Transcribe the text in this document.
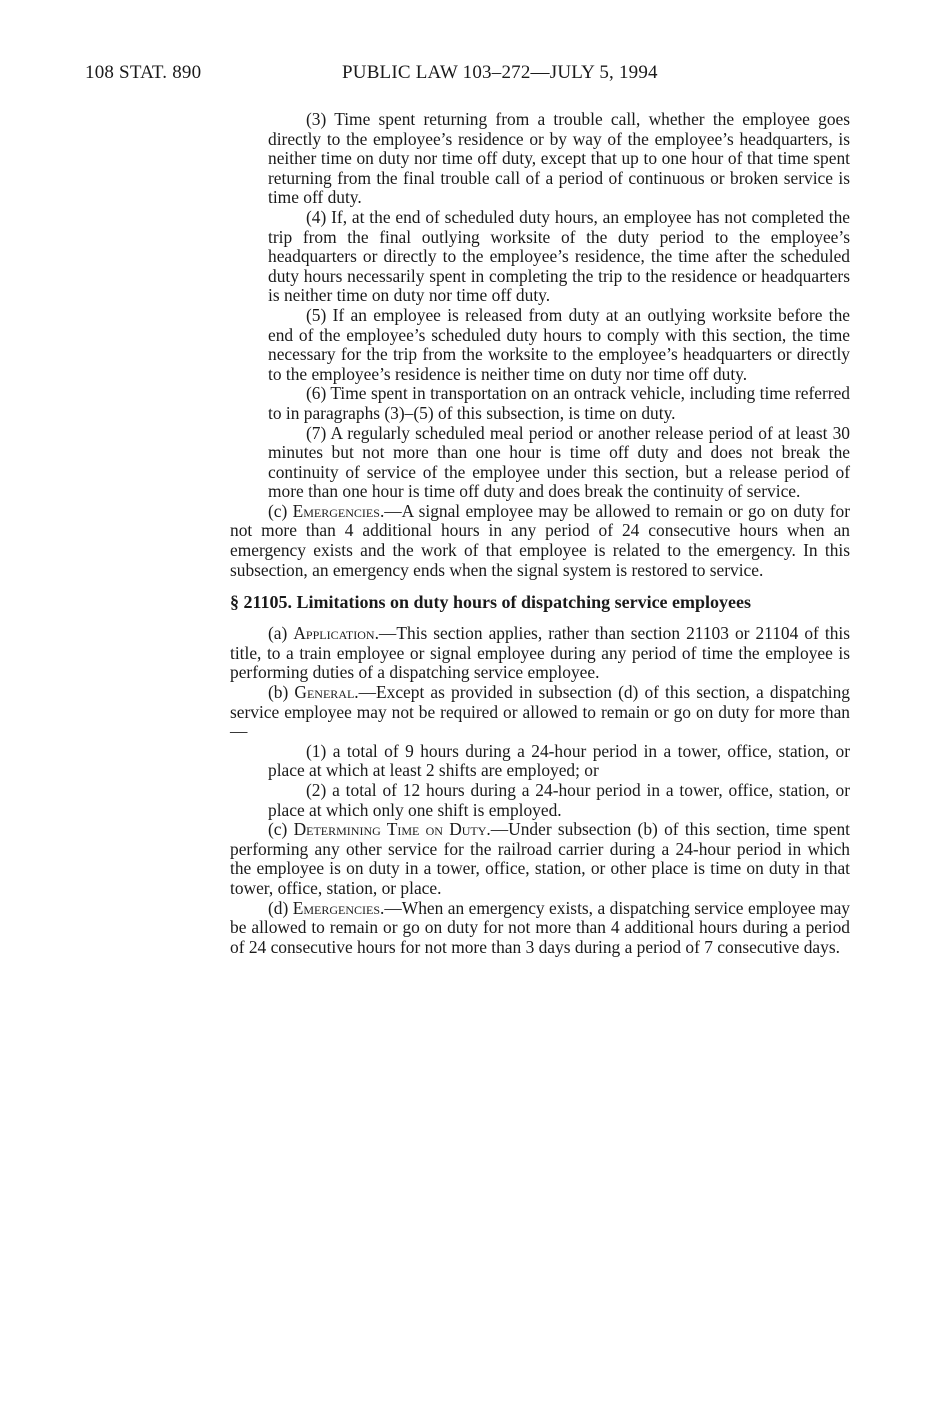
108 STAT. 890	PUBLIC LAW 103–272—JULY 5, 1994

(3) Time spent returning from a trouble call, whether the employee goes directly to the employee’s residence or by way of the employee’s headquarters, is neither time on duty nor time off duty, except that up to one hour of that time spent returning from the final trouble call of a period of continuous or broken service is time off duty.

(4) If, at the end of scheduled duty hours, an employee has not completed the trip from the final outlying worksite of the duty period to the employee’s headquarters or directly to the employee’s residence, the time after the scheduled duty hours necessarily spent in completing the trip to the residence or headquarters is neither time on duty nor time off duty.

(5) If an employee is released from duty at an outlying worksite before the end of the employee’s scheduled duty hours to comply with this section, the time necessary for the trip from the worksite to the employee’s headquarters or directly to the employee’s residence is neither time on duty nor time off duty.

(6) Time spent in transportation on an ontrack vehicle, including time referred to in paragraphs (3)–(5) of this subsection, is time on duty.

(7) A regularly scheduled meal period or another release period of at least 30 minutes but not more than one hour is time off duty and does not break the continuity of service of the employee under this section, but a release period of more than one hour is time off duty and does break the continuity of service.

(c) Emergencies.—A signal employee may be allowed to remain or go on duty for not more than 4 additional hours in any period of 24 consecutive hours when an emergency exists and the work of that employee is related to the emergency. In this subsection, an emergency ends when the signal system is restored to service.

§ 21105. Limitations on duty hours of dispatching service employees

(a) Application.—This section applies, rather than section 21103 or 21104 of this title, to a train employee or signal employee during any period of time the employee is performing duties of a dispatching service employee.

(b) General.—Except as provided in subsection (d) of this section, a dispatching service employee may not be required or allowed to remain or go on duty for more than—

(1) a total of 9 hours during a 24-hour period in a tower, office, station, or place at which at least 2 shifts are employed; or

(2) a total of 12 hours during a 24-hour period in a tower, office, station, or place at which only one shift is employed.

(c) Determining Time on Duty.—Under subsection (b) of this section, time spent performing any other service for the railroad carrier during a 24-hour period in which the employee is on duty in a tower, office, station, or other place is time on duty in that tower, office, station, or place.

(d) Emergencies.—When an emergency exists, a dispatching service employee may be allowed to remain or go on duty for not more than 4 additional hours during a period of 24 consecutive hours for not more than 3 days during a period of 7 consecutive days.
